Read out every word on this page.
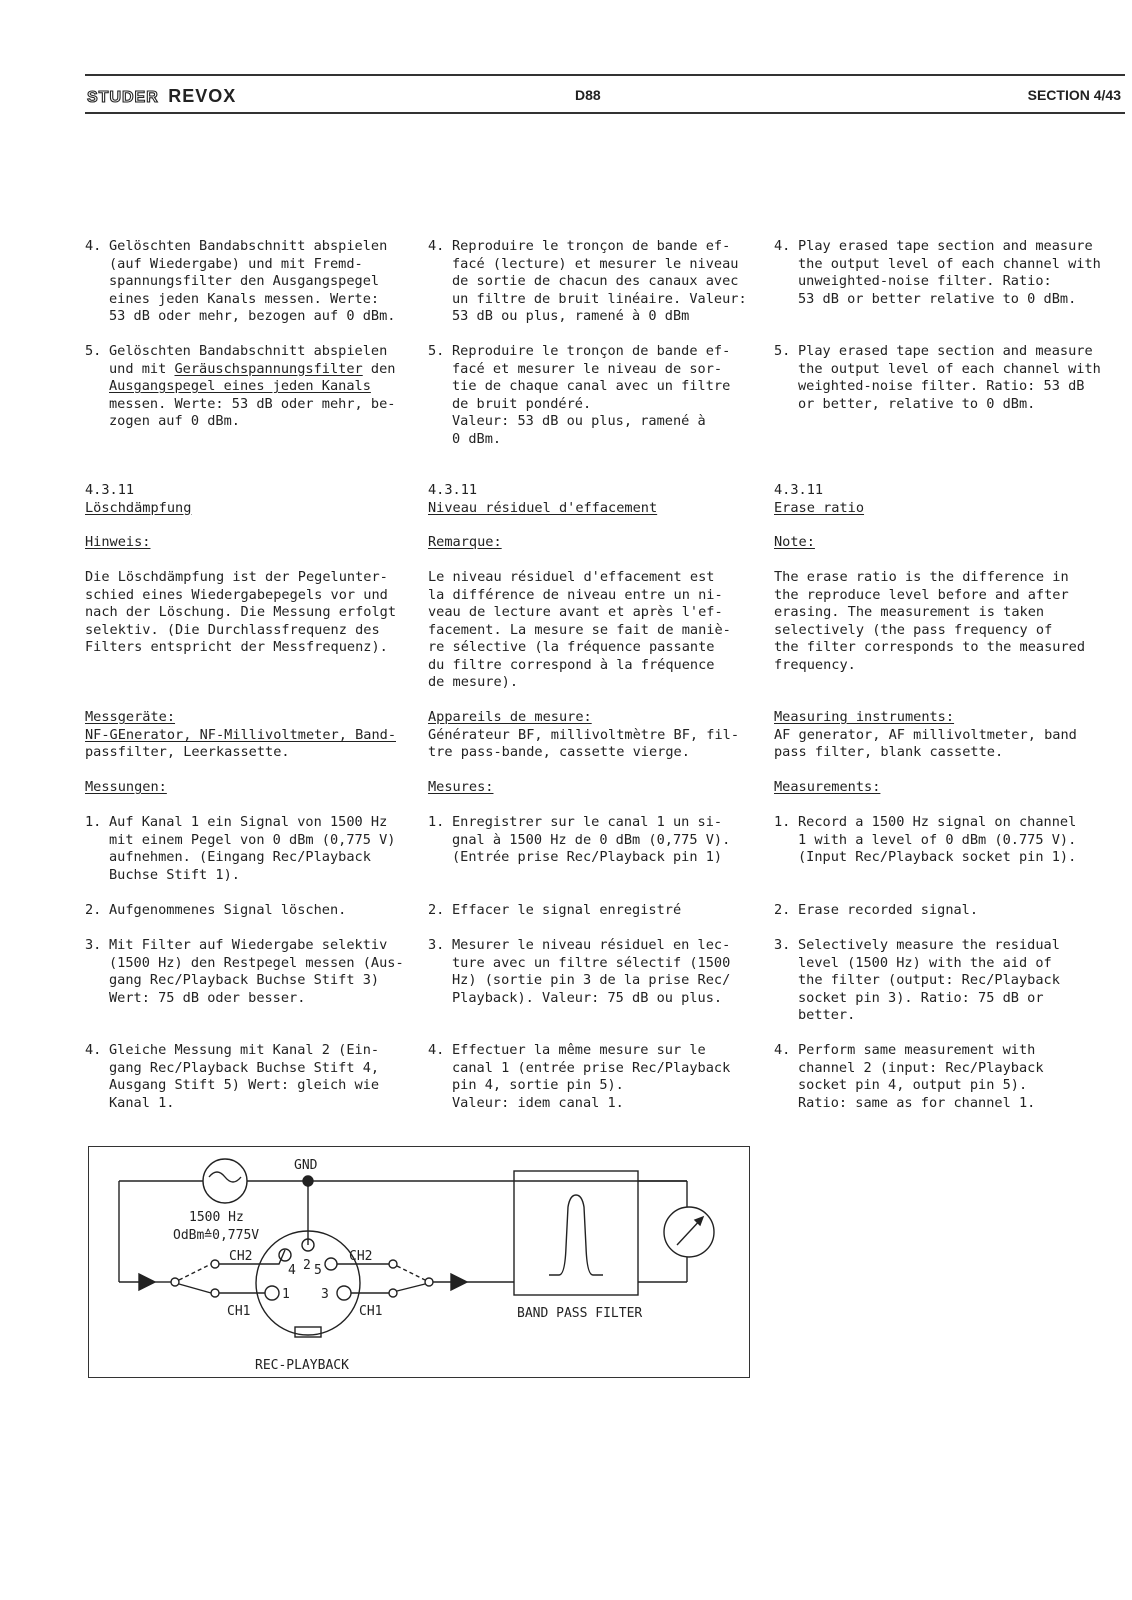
STUDER REVOX	D88	SECTION 4/43

4. Gelöschten Bandabschnitt abspielen
(auf Wiedergabe) und mit Fremd-
spannungsfilter den Ausgangspegel
eines jeden Kanals messen. Werte:
53 dB oder mehr, bezogen auf 0 dBm.

5. Gelöschten Bandabschnitt abspielen
und mit Geräuschspannungsfilter den
Ausgangspegel eines jeden Kanals
messen. Werte: 53 dB oder mehr, be-
zogen auf 0 dBm.

4.3.11

Löschdämpfung

Hinweis:

Die Löschdämpfung ist der Pegelunter-
schied eines Wiedergabepegels vor und
nach der Löschung. Die Messung erfolgt
selektiv. (Die Durchlassfrequenz des
Filters entspricht der Messfrequenz).

Messgeräte:

NF-GEnerator, NF-Millivoltmeter, Band-

passfilter, Leerkassette.

Messungen:

1. Auf Kanal 1 ein Signal von 1500 Hz
mit einem Pegel von 0 dBm (0,775 V)
aufnehmen. (Eingang Rec/Playback
Buchse Stift 1).

2. Aufgenommenes Signal löschen.

3. Mit Filter auf Wiedergabe selektiv
(1500 Hz) den Restpegel messen (Aus-
gang Rec/Playback Buchse Stift 3)
Wert: 75 dB oder besser.

4. Gleiche Messung mit Kanal 2 (Ein-
gang Rec/Playback Buchse Stift 4,
Ausgang Stift 5) Wert: gleich wie
Kanal 1.

4. Reproduire le tronçon de bande ef-
facé (lecture) et mesurer le niveau
de sortie de chacun des canaux avec
un filtre de bruit linéaire. Valeur:
53 dB ou plus, ramené à 0 dBm

5. Reproduire le tronçon de bande ef-
facé et mesurer le niveau de sor-
tie de chaque canal avec un filtre
de bruit pondéré.
Valeur: 53 dB ou plus, ramené à
0 dBm.

4.3.11

Niveau résiduel d'effacement

Remarque:

Le niveau résiduel d'effacement est
la différence de niveau entre un ni-
veau de lecture avant et après l'ef-
facement. La mesure se fait de maniè-
re sélective (la fréquence passante
du filtre correspond à la fréquence
de mesure).

Appareils de mesure:

Générateur BF, millivoltmètre BF, fil-

tre pass-bande, cassette vierge.

Mesures:

1. Enregistrer sur le canal 1 un si-
gnal à 1500 Hz de 0 dBm (0,775 V).
(Entrée prise Rec/Playback pin 1)

2. Effacer le signal enregistré

3. Mesurer le niveau résiduel en lec-
ture avec un filtre sélectif (1500
Hz) (sortie pin 3 de la prise Rec/
Playback). Valeur: 75 dB ou plus.

4. Effectuer la même mesure sur le
canal 1 (entrée prise Rec/Playback
pin 4, sortie pin 5).
Valeur: idem canal 1.

4. Play erased tape section and measure
the output level of each channel with
unweighted-noise filter. Ratio:
53 dB or better relative to 0 dBm.

5. Play erased tape section and measure
the output level of each channel with
weighted-noise filter. Ratio: 53 dB
or better, relative to 0 dBm.

4.3.11

Erase ratio

Note:

The erase ratio is the difference in
the reproduce level before and after
erasing. The measurement is taken
selectively (the pass frequency of
the filter corresponds to the measured
frequency.

Measuring instruments:

AF generator, AF millivoltmeter, band

pass filter, blank cassette.

Measurements:

1. Record a 1500 Hz signal on channel
1 with a level of 0 dBm (0.775 V).
(Input Rec/Playback socket pin 1).

2. Erase recorded signal.

3. Selectively measure the residual
level (1500 Hz) with the aid of
the filter (output: Rec/Playback
socket pin 3). Ratio: 75 dB or
better.

4. Perform same measurement with
channel 2 (input: Rec/Playback
socket pin 4, output pin 5).
Ratio: same as for channel 1.

GND
1500 Hz
OdBm≙0,775V
CH2
CH1
CH2
CH1
1
2
3
4 5
REC-PLAYBACK
BAND PASS FILTER
